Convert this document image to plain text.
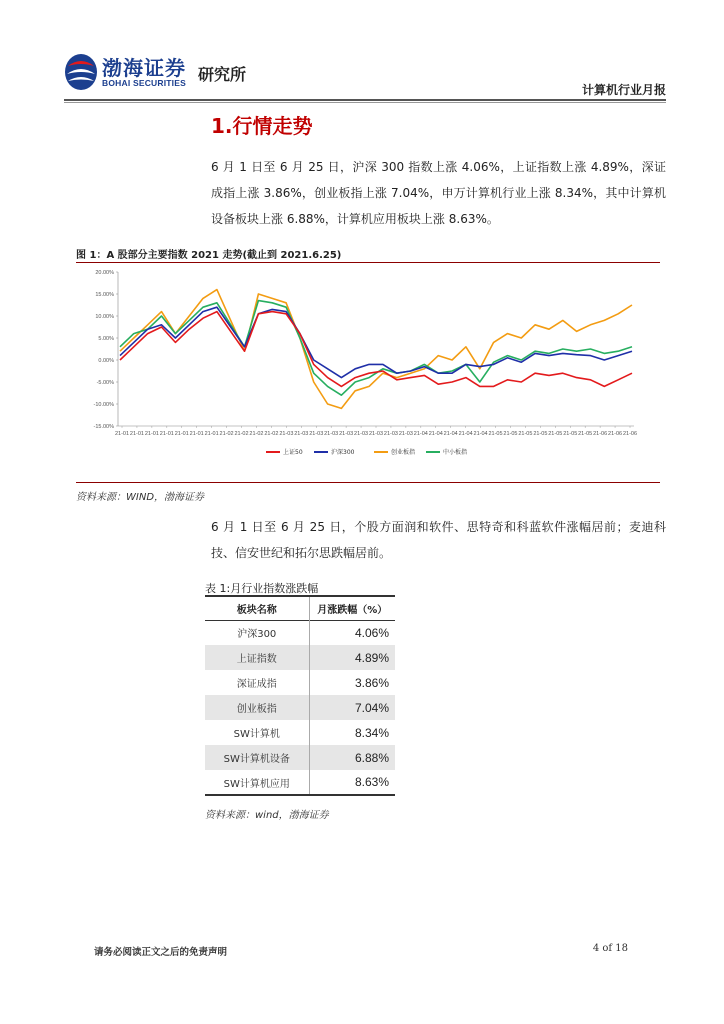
渤海证券
BOHAI SECURITIES 研究所
计算机行业月报
1.行情走势
6 月 1 日至 6 月 25 日，沪深 300 指数上涨 4.06%，上证指数上涨 4.89%，深证成指上涨 3.86%，创业板指上涨 7.04%，申万计算机行业上涨 8.34%，其中计算机设备板块上涨 6.88%，计算机应用板块上涨 8.63%。
图 1：A 股部分主要指数 2021 走势(截止到 2021.6.25)
20.00%
15.00%
10.00%
5.00%
0.00%
-5.00%
-10.00%
-15.00%
21-01 21-01 21-01 21-01 21-01 21-01 21-01 21-02 21-02 21-02 21-02 21-03 21-03 21-03 21-03 21-03 21-03 21-03 21-03 21-03 21-04 21-04 21-04 21-04 21-04 21-05 21-05 21-05 21-05 21-05 21-05 21-05 21-06 21-06 21-06
上证50	沪深300	创业板指	中小板指
资料来源：WIND，渤海证券
6 月 1 日至 6 月 25 日，个股方面润和软件、思特奇和科蓝软件涨幅居前；麦迪科技、信安世纪和拓尔思跌幅居前。
表 1:月行业指数涨跌幅
板块名称	月涨跌幅（%）
沪深300	4.06%
上证指数	4.89%
深证成指	3.86%
创业板指	7.04%
SW计算机	8.34%
SW计算机设备	6.88%
SW计算机应用	8.63%
资料来源：wind，渤海证券
请务必阅读正文之后的免责声明	4 of 18
